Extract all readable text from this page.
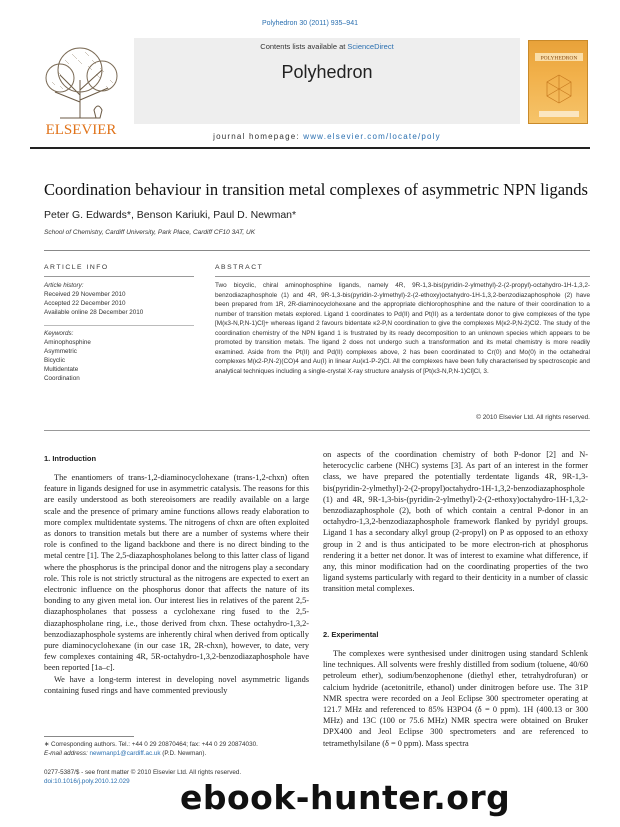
Polyhedron 30 (2011) 935–941
ELSEVIER
Contents lists available at ScienceDirect
Polyhedron
journal homepage: www.elsevier.com/locate/poly
POLYHEDRON
Coordination behaviour in transition metal complexes of asymmetric NPN ligands
Peter G. Edwards*, Benson Kariuki, Paul D. Newman*
School of Chemistry, Cardiff University, Park Place, Cardiff CF10 3AT, UK
ARTICLE INFO	ABSTRACT
Article history:
Received 29 November 2010
Accepted 22 December 2010
Available online 28 December 2010
Keywords:
Aminophosphine
Asymmetric
Bicyclic
Multidentate
Coordination

Two bicyclic, chiral aminophosphine ligands, namely 4R, 9R-1,3-bis(pyridin-2-ylmethyl)-2-(2-propyl)-octahydro-1H-1,3,2-benzodiazaphosphole (1) and 4R, 9R-1,3-bis(pyridin-2-ylmethyl)-2-(2-ethoxy)octahydro-1H-1,3,2-benzodiazaphosphole (2) have been prepared from 1R, 2R-diaminocyclohexane and the appropriate dichlorophosphine and the nature of their coordination to a number of transition metals explored. Ligand 1 coordinates to Pd(II) and Pt(II) as a terdentate donor to give complexes of the type [M(κ3-N,P,N-1)Cl]+ whereas ligand 2 favours bidentate κ2-P,N coordination to give the complexes M(κ2-P,N-2)Cl2. The study of the coordination chemistry of the NPN ligand 1 is frustrated by its ready decomposition to an unknown species which appears to be promoted by transition metals. The ligand 2 does not undergo such a transformation and its metal chemistry is more readily examined. Aside from the Pt(II) and Pd(II) complexes above, 2 has been coordinated to Cr(0) and Mo(0) in the octahedral complexes M(κ2-P,N-2)(CO)4 and Au(I) in linear Au(κ1-P-2)Cl. All the complexes have been fully characterised by spectroscopic and analytical techniques including a single-crystal X-ray structure analysis of [Pt(κ3-N,P,N-1)Cl]Cl, 3.

© 2010 Elsevier Ltd. All rights reserved.
1. Introduction

The enantiomers of trans-1,2-diaminocyclohexane (trans-1,2-chxn) often feature in ligands designed for use in asymmetric catalysis. The reasons for this are easily understood as both stereoisomers are readily available on a large scale and the presence of primary amine functions allows ready elaboration to more complex multidentate systems. The nitrogens of chxn are often exploited as donors to transition metals but there are a number of systems where their role is confined to the ligand backbone and there is no direct binding to the metal centre [1]. The 2,5-diazaphospholanes belong to this latter class of ligand where the phosphorus is the principal donor and the nitrogens play a secondary role. This role is not strictly structural as the nitrogens are expected to exert an electronic influence on the phosphorus donor that affects the nature of its bonding to any given metal ion. Our interest lies in relatives of the parent 2,5-diazaphospholanes that possess a cyclohexane ring fused to the 2,5-diazaphospholane ring, i.e., those derived from chxn. These octahydro-1,3,2-benzodiazaphosphole systems are inherently chiral when derived from optically pure diaminocyclohexane (in our case 1R, 2R-chxn), however, to date, very few complexes containing 4R, 5R-octahydro-1,3,2-benzodiazaphosphole have been reported [1a–c].

We have a long-term interest in developing novel asymmetric ligands containing fused rings and have commented previously

on aspects of the coordination chemistry of both P-donor [2] and N-heterocyclic carbene (NHC) systems [3]. As part of an interest in the former class, we have prepared the potentially terdentate ligands 4R, 9R-1,3-bis(pyridin-2-ylmethyl)-2-(2-propyl)octahydro-1H-1,3,2-benzodiazaphosphole (1) and 4R, 9R-1,3-bis-(pyridin-2-ylmethyl)-2-(2-ethoxy)octahydro-1H-1,3,2-benzodiazaphosphole (2), both of which contain a central P-donor in an octahydro-1,3,2-benzodiazaphosphole framework flanked by pyridyl groups. Ligand 1 has a secondary alkyl group (2-propyl) on P as opposed to an ethoxy group in 2 and is thus anticipated to be more electron-rich at phosphorus rendering it a better net donor. It was of interest to examine what difference, if any, this minor modification had on the coordinating properties of the two ligand systems particularly with regard to their denticity in a number of classic transition metal complexes.

2. Experimental

The complexes were synthesised under dinitrogen using standard Schlenk line techniques. All solvents were freshly distilled from sodium (toluene, 40/60 petroleum ether), sodium/benzophenone (diethyl ether, tetrahydrofuran) or calcium hydride (acetonitrile, ethanol) under dinitrogen before use. The 31P NMR spectra were recorded on a Jeol Eclipse 300 spectrometer operating at 121.7 MHz and referenced to 85% H3PO4 (δ = 0 ppm). 1H (400.13 or 300 MHz) and 13C (100 or 75.6 MHz) NMR spectra were obtained on Bruker DPX400 and Jeol Eclipse 300 spectrometers and are referenced to tetramethylsilane (δ = 0 ppm). Mass spectra

∗ Corresponding authors. Tel.: +44 0 29 20870464; fax: +44 0 29 20874030.
E-mail address: newmanp1@cardiff.ac.uk (P.D. Newman).
0277-5387/$ - see front matter © 2010 Elsevier Ltd. All rights reserved.
doi:10.1016/j.poly.2010.12.029	ebook-hunter.org
